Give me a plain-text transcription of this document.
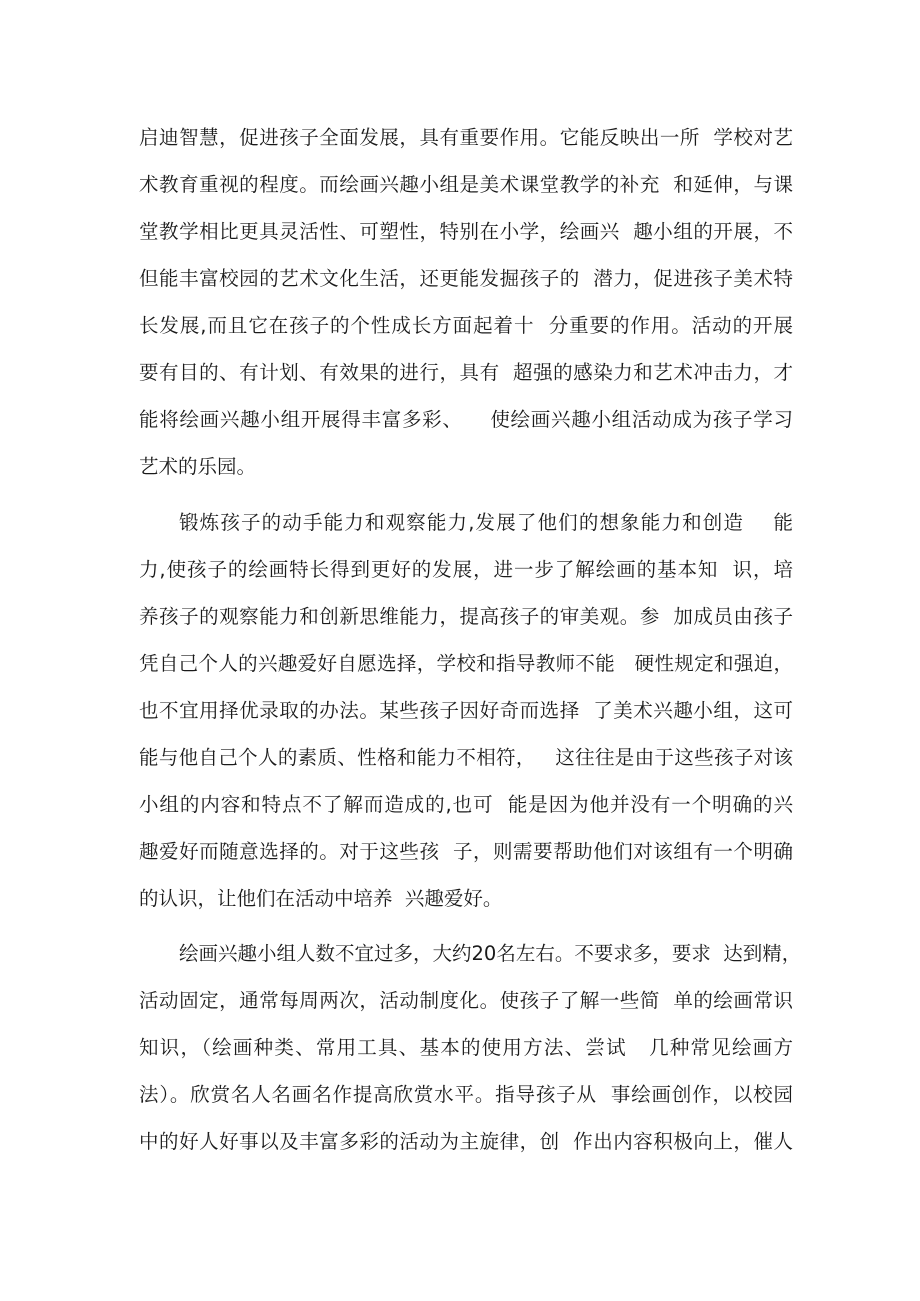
启迪智慧，促进孩子全面发展，具有重要作用。它能反映出一所  学校对艺
术教育重视的程度。而绘画兴趣小组是美术课堂教学的补充  和延伸，与课
堂教学相比更具灵活性、可塑性，特别在小学，绘画兴  趣小组的开展，不
但能丰富校园的艺术文化生活，还更能发掘孩子的  潜力，促进孩子美术特
长发展,而且它在孩子的个性成长方面起着十  分重要的作用。活动的开展
要有目的、有计划、有效果的进行，具有  超强的感染力和艺术冲击力，才
能将绘画兴趣小组开展得丰富多彩、    使绘画兴趣小组活动成为孩子学习
艺术的乐园。
锻炼孩子的动手能力和观察能力,发展了他们的想象能力和创造    能
力,使孩子的绘画特长得到更好的发展，进一步了解绘画的基本知  识，培
养孩子的观察能力和创新思维能力，提高孩子的审美观。参  加成员由孩子
凭自己个人的兴趣爱好自愿选择，学校和指导教师不能   硬性规定和强迫，
也不宜用择优录取的办法。某些孩子因好奇而选择  了美术兴趣小组，这可
能与他自己个人的素质、性格和能力不相符，   这往往是由于这些孩子对该
小组的内容和特点不了解而造成的,也可  能是因为他并没有一个明确的兴
趣爱好而随意选择的。对于这些孩  子，则需要帮助他们对该组有一个明确
的认识，让他们在活动中培养  兴趣爱好。
绘画兴趣小组人数不宜过多，大约20名左右。不要求多，要求  达到精，
活动固定，通常每周两次，活动制度化。使孩子了解一些简  单的绘画常识
知识，（绘画种类、常用工具、基本的使用方法、尝试   几种常见绘画方
法）。欣赏名人名画名作提高欣赏水平。指导孩子从  事绘画创作，以校园
中的好人好事以及丰富多彩的活动为主旋律，创  作出内容积极向上，催人
